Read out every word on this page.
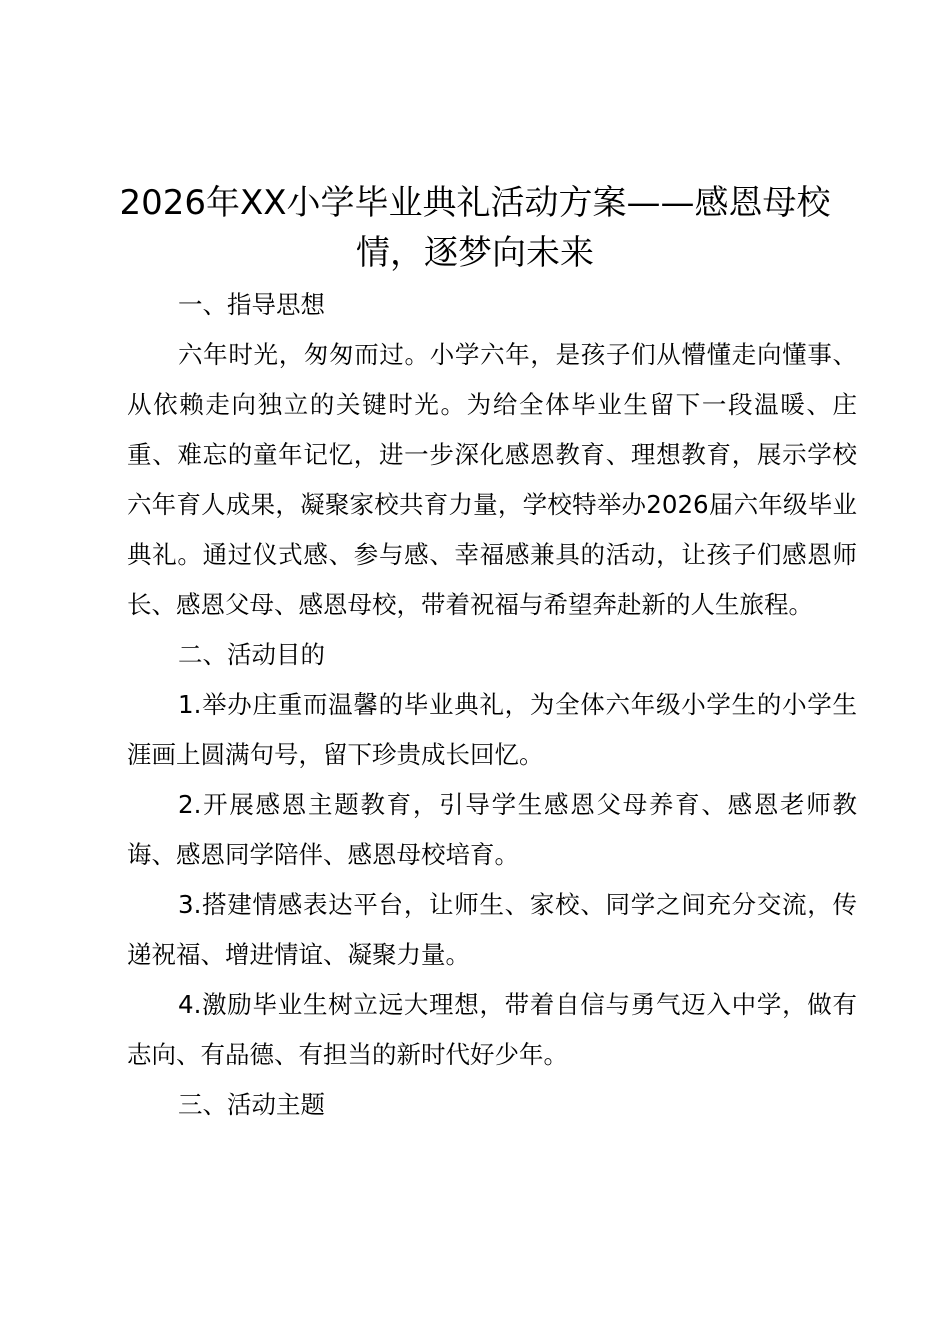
2026年XX小学毕业典礼活动方案——感恩母校情，逐梦向未来

一、指导思想

六年时光，匆匆而过。小学六年，是孩子们从懵懂走向懂事、从依赖走向独立的关键时光。为给全体毕业生留下一段温暖、庄重、难忘的童年记忆，进一步深化感恩教育、理想教育，展示学校六年育人成果，凝聚家校共育力量，学校特举办2026届六年级毕业典礼。通过仪式感、参与感、幸福感兼具的活动，让孩子们感恩师长、感恩父母、感恩母校，带着祝福与希望奔赴新的人生旅程。

二、活动目的

1.举办庄重而温馨的毕业典礼，为全体六年级小学生的小学生涯画上圆满句号，留下珍贵成长回忆。

2.开展感恩主题教育，引导学生感恩父母养育、感恩老师教诲、感恩同学陪伴、感恩母校培育。

3.搭建情感表达平台，让师生、家校、同学之间充分交流，传递祝福、增进情谊、凝聚力量。

4.激励毕业生树立远大理想，带着自信与勇气迈入中学，做有志向、有品德、有担当的新时代好少年。

三、活动主题
